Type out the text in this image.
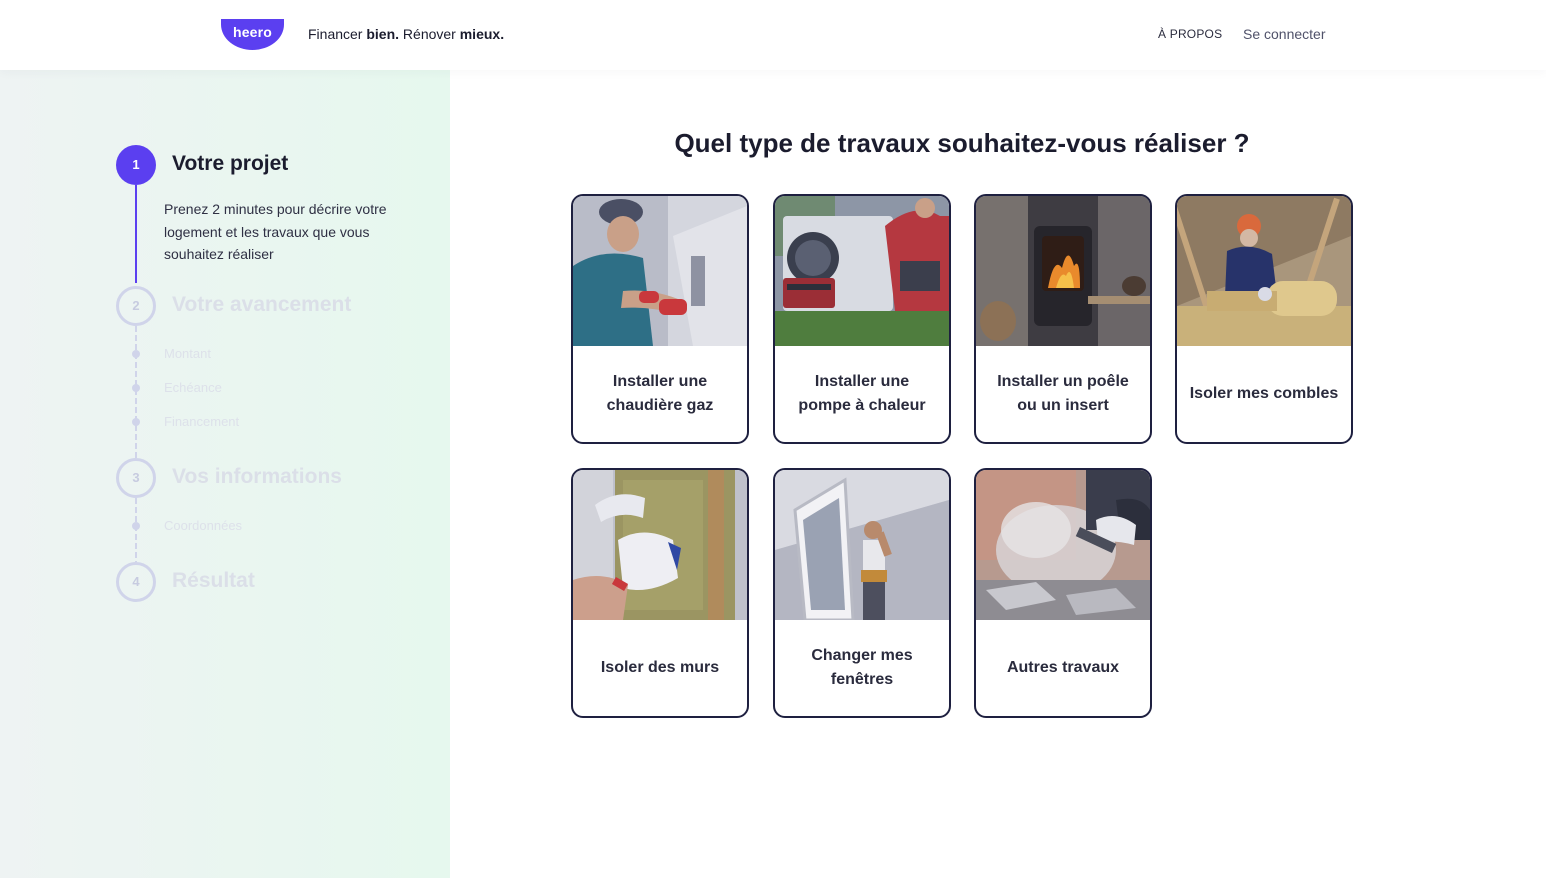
heero	Financer bien. Rénover mieux.	À PROPOS Se connecter
1	Votre projet
Prenez 2 minutes pour décrire votre logement et les travaux que vous souhaitez réaliser
2	Votre avancement
Montant
Echéance
Financement
3	Vos informations
Coordonnées
4	Résultat
Quel type de travaux souhaitez-vous réaliser ?
Installer une chaudière gaz
Installer une pompe à chaleur
Installer un poêle ou un insert
Isoler mes combles
Isoler des murs
Changer mes fenêtres
Autres travaux
